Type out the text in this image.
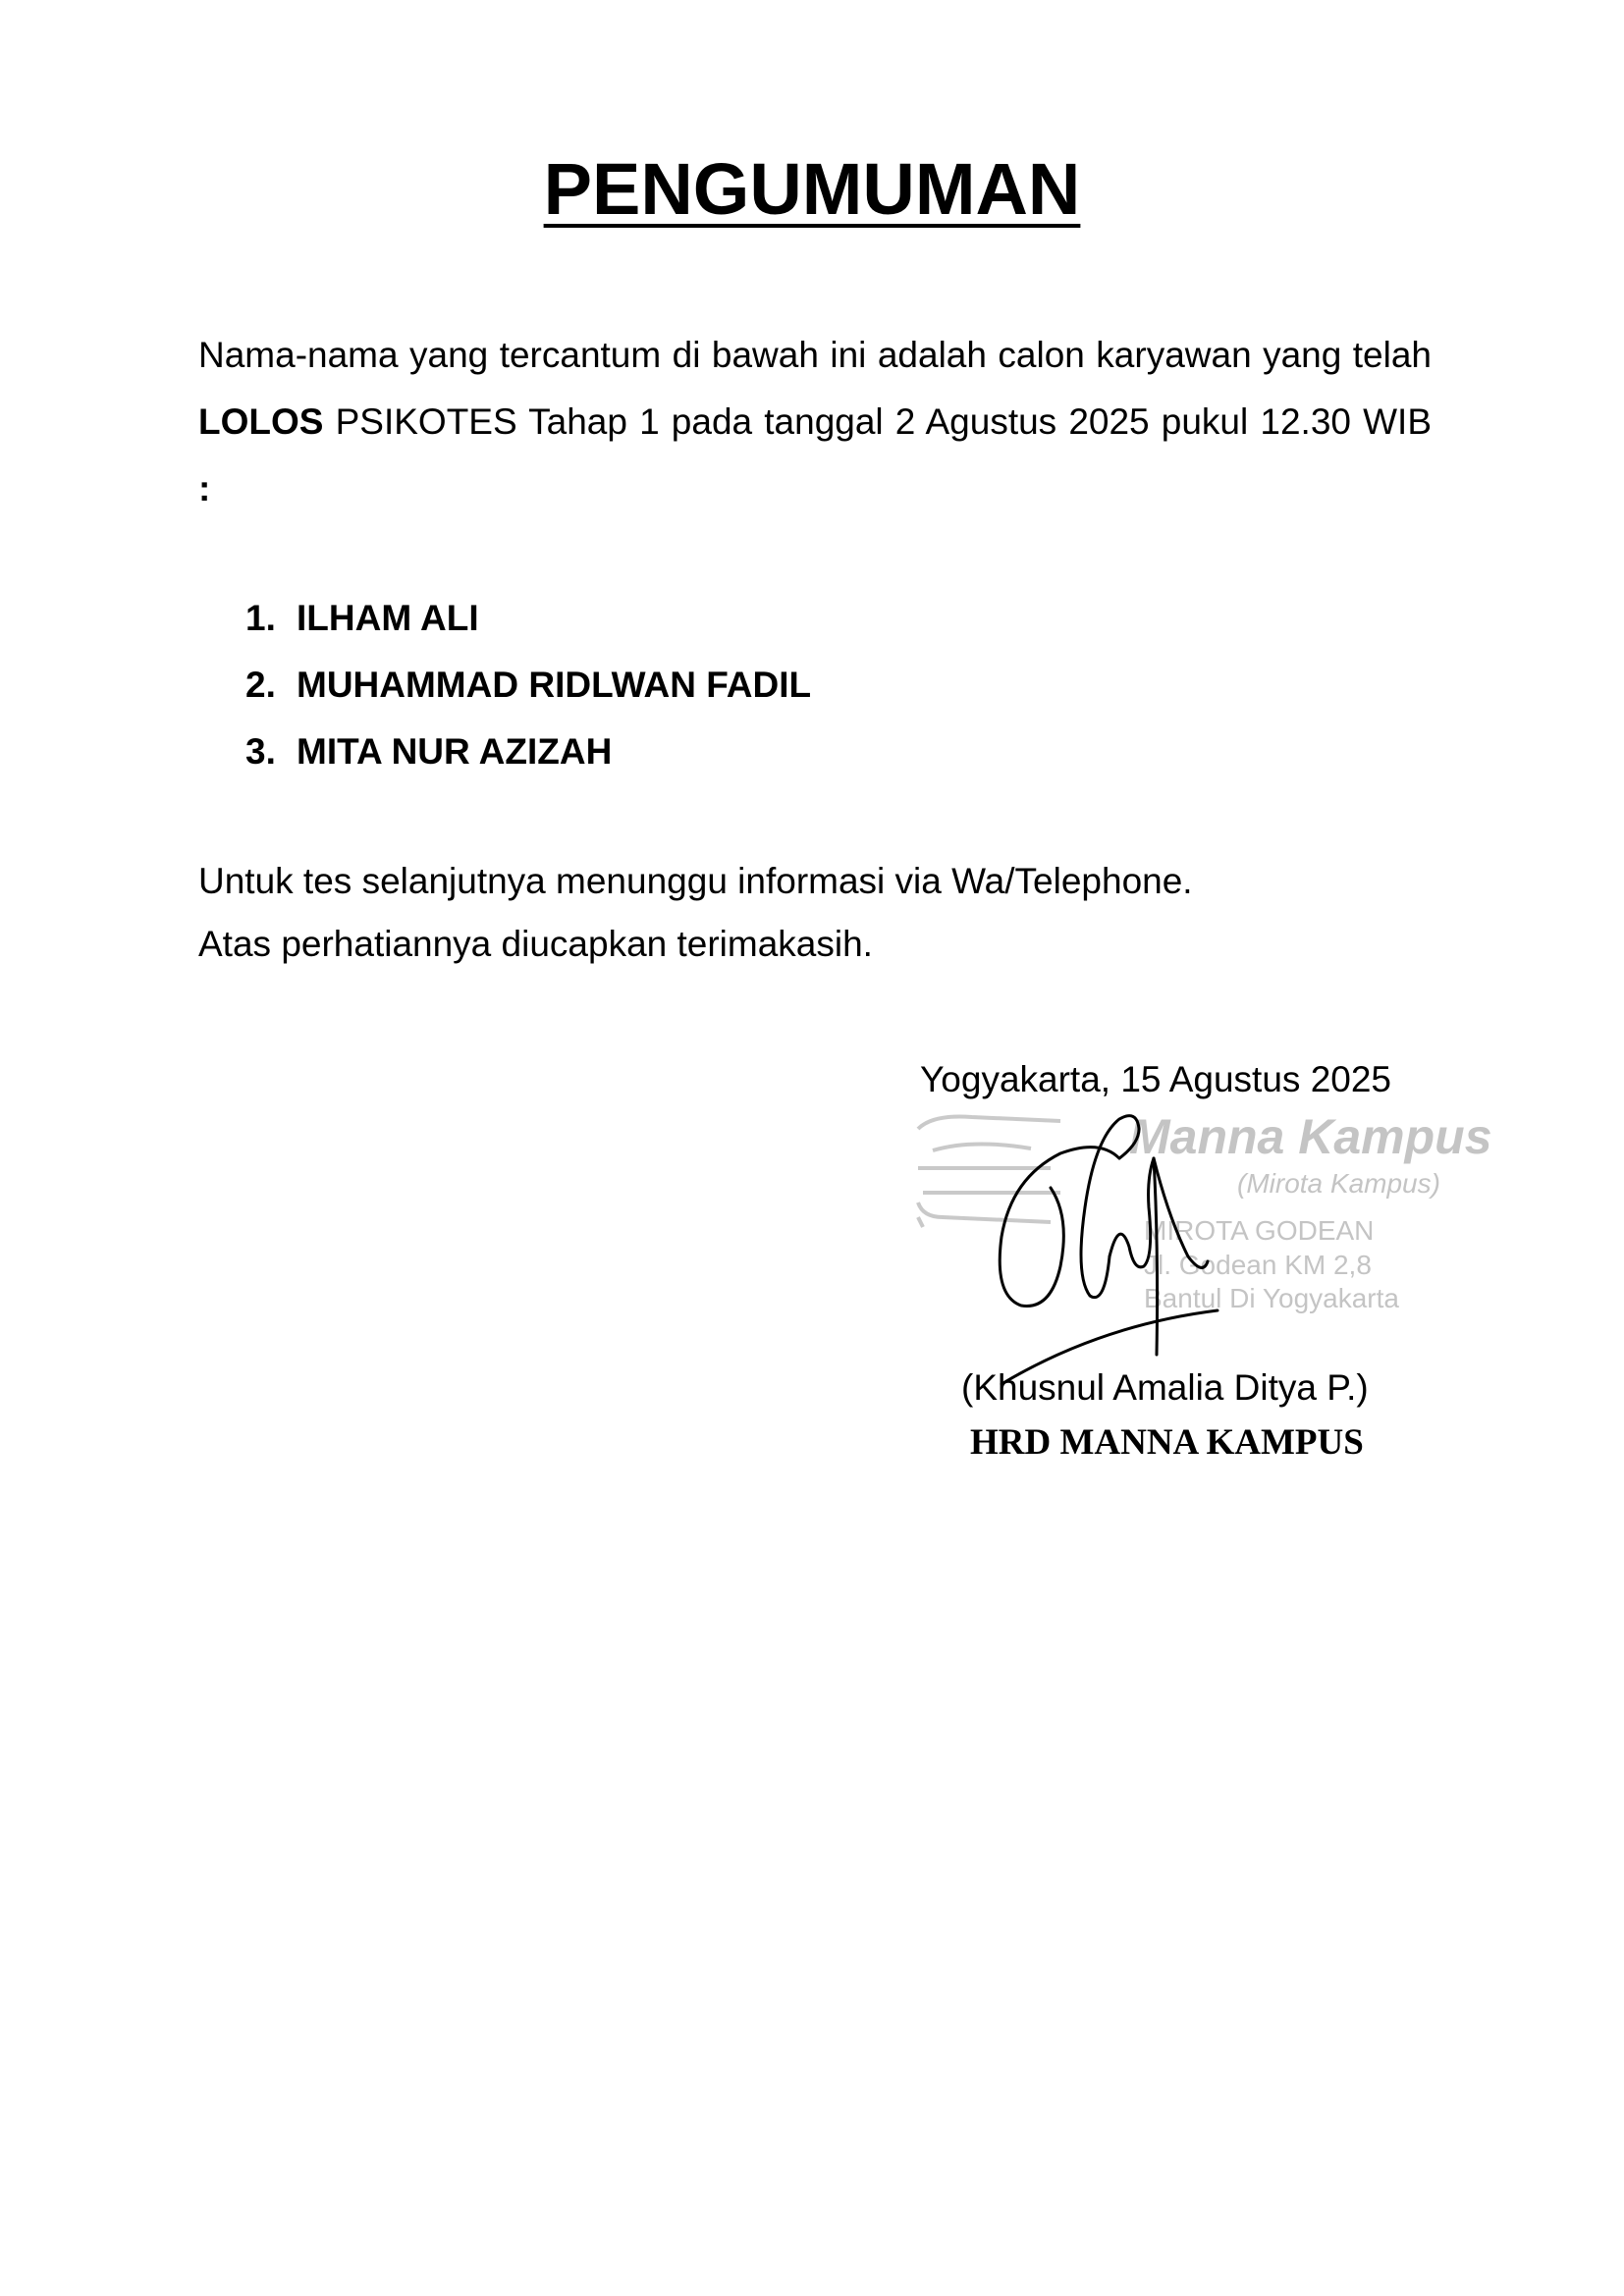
PENGUMUMAN

Nama-nama yang tercantum di bawah ini adalah calon karyawan yang telah LOLOS PSIKOTES Tahap 1 pada tanggal 2 Agustus 2025 pukul 12.30 WIB :

1. ILHAM ALI
2. MUHAMMAD RIDLWAN FADIL
3. MITA NUR AZIZAH
Untuk tes selanjutnya menunggu informasi via Wa/Telephone.
Atas perhatiannya diucapkan terimakasih.
Yogyakarta, 15 Agustus 2025
Manna Kampus
(Mirota Kampus)
MIROTA GODEAN
Jl. Godean KM 2,8
Bantul Di Yogyakarta
(Khusnul Amalia Ditya P.)
HRD MANNA KAMPUS
